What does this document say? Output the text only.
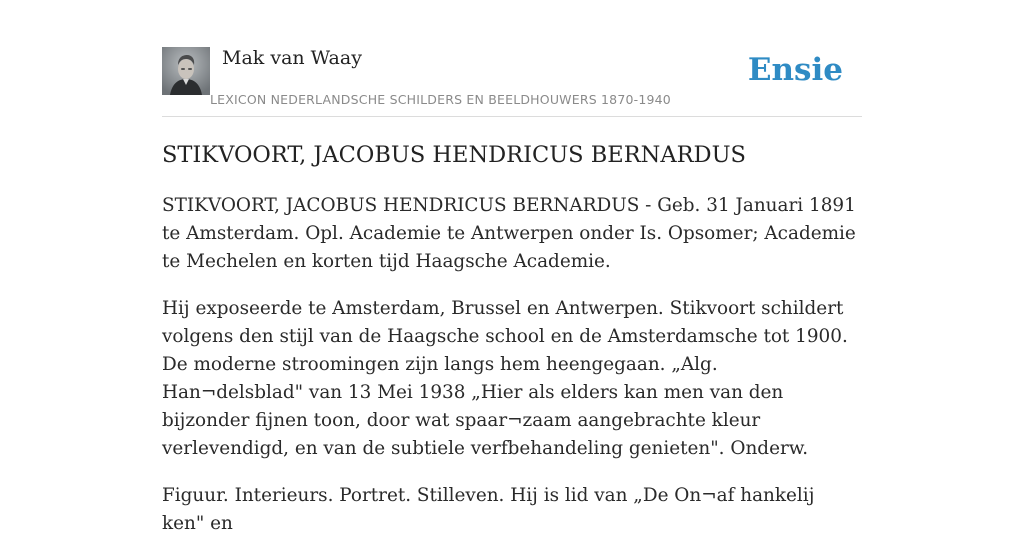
Mak van Waay
LEXICON NEDERLANDSCHE SCHILDERS EN BEELDHOUWERS 1870-1940
Ensie
STIKVOORT, JACOBUS HENDRICUS BERNARDUS

STIKVOORT, JACOBUS HENDRICUS BERNARDUS - Geb. 31 Januari 1891 te Amsterdam. Opl. Academie te Antwerpen onder Is. Opsomer; Academie te Mechelen en korten tijd Haagsche Academie.

Hij exposeerde te Amsterdam, Brussel en Antwerpen. Stikvoort schildert volgens den stijl van de Haagsche school en de Amsterdamsche tot 1900. De moderne stroomingen zijn langs hem heengegaan. „Alg. Han¬delsblad" van 13 Mei 1938 „Hier als elders kan men van den bijzonder fijnen toon, door wat spaar¬zaam aangebrachte kleur verlevendigd, en van de subtiele verfbehandeling genieten". Onderw.

Figuur. Interieurs. Portret. Stilleven. Hij is lid van „De On¬af hankelij ken" en
